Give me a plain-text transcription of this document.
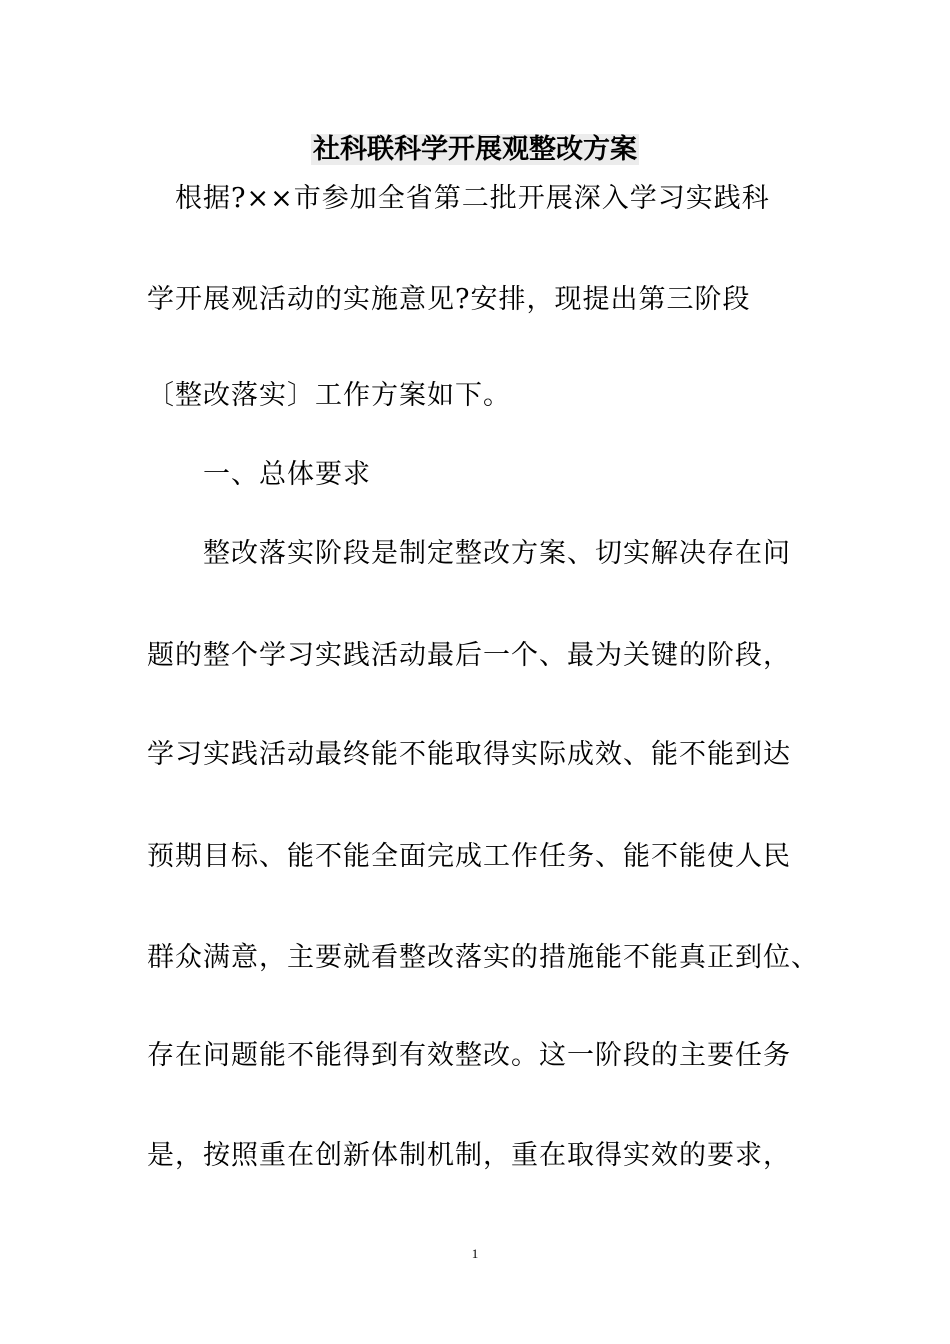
社科联科学开展观整改方案

　根据?××市参加全省第二批开展深入学习实践科

学开展观活动的实施意见?安排，现提出第三阶段

〔整改落实〕工作方案如下。

　　一、总体要求

　　整改落实阶段是制定整改方案、切实解决存在问

题的整个学习实践活动最后一个、最为关键的阶段，

学习实践活动最终能不能取得实际成效、能不能到达

预期目标、能不能全面完成工作任务、能不能使人民

群众满意，主要就看整改落实的措施能不能真正到位、

存在问题能不能得到有效整改。这一阶段的主要任务

是，按照重在创新体制机制，重在取得实效的要求，

1
